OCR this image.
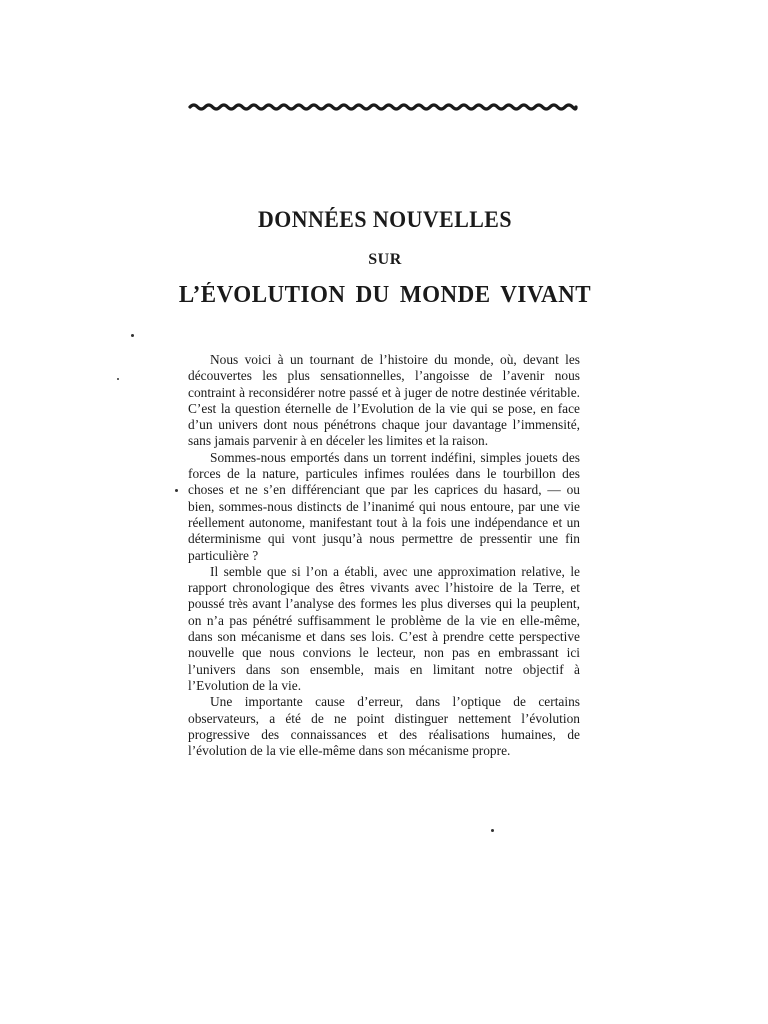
DONNÉES NOUVELLES
SUR
L’ÉVOLUTION DU MONDE VIVANT

Nous voici à un tournant de l’histoire du monde, où, devant les découvertes les plus sensationnelles, l’angoisse de l’avenir nous contraint à reconsidérer notre passé et à juger de notre destinée véritable. C’est la question éternelle de l’Evolution de la vie qui se pose, en face d’un univers dont nous pénétrons chaque jour davantage l’immensité, sans jamais parvenir à en déceler les limites et la raison.

Sommes-nous emportés dans un torrent indéfini, simples jouets des forces de la nature, particules infimes roulées dans le tourbillon des choses et ne s’en différenciant que par les caprices du hasard, — ou bien, sommes-nous distincts de l’inanimé qui nous entoure, par une vie réellement autonome, manifestant tout à la fois une indépendance et un déterminisme qui vont jusqu’à nous permettre de pressentir une fin particulière ?

Il semble que si l’on a établi, avec une approximation relative, le rapport chronologique des êtres vivants avec l’histoire de la Terre, et poussé très avant l’analyse des formes les plus diverses qui la peuplent, on n’a pas pénétré suffisamment le problème de la vie en elle-même, dans son mécanisme et dans ses lois. C’est à prendre cette perspective nouvelle que nous convions le lecteur, non pas en embrassant ici l’univers dans son ensemble, mais en limitant notre objectif à l’Evolution de la vie.

Une importante cause d’erreur, dans l’optique de certains observateurs, a été de ne point distinguer nettement l’évolution progressive des connaissances et des réalisations humaines, de l’évolution de la vie elle-même dans son mécanisme propre.
